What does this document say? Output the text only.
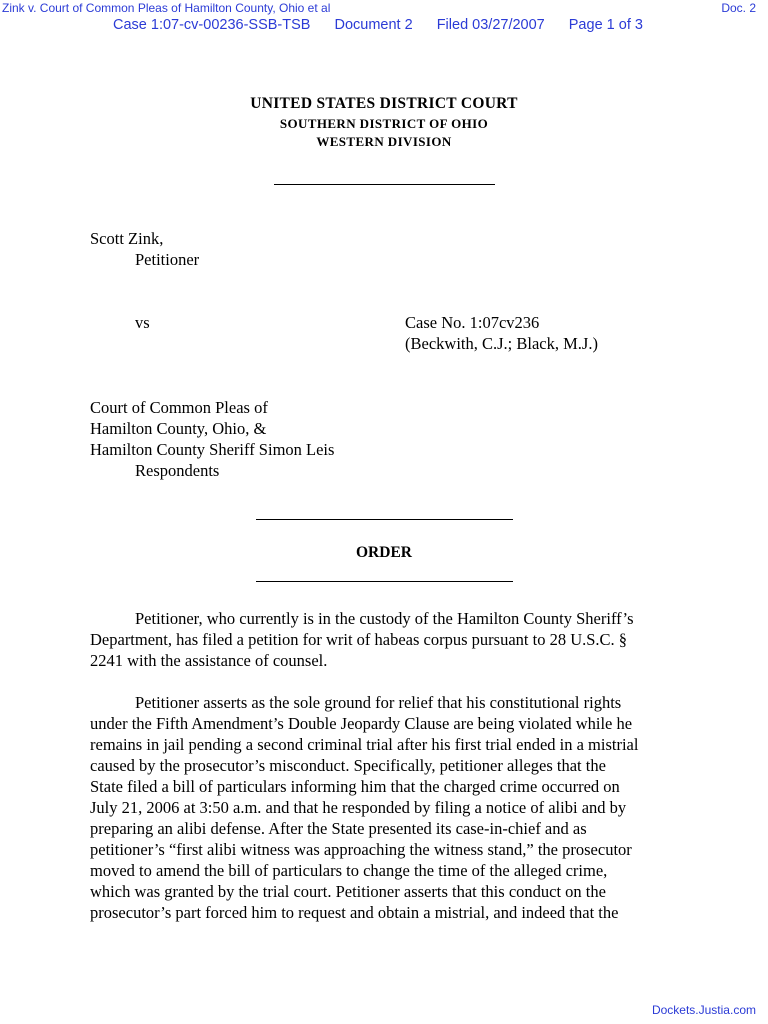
Zink v. Court of Common Pleas of Hamilton County, Ohio et al	Doc. 2
Case 1:07-cv-00236-SSB-TSB Document 2 Filed 03/27/2007 Page 1 of 3
UNITED STATES DISTRICT COURT
SOUTHERN DISTRICT OF OHIO
WESTERN DIVISION
Scott Zink,
Petitioner
vs	Case No. 1:07cv236
(Beckwith, C.J.; Black, M.J.)
Court of Common Pleas of
Hamilton County, Ohio, &
Hamilton County Sheriff Simon Leis
Respondents
ORDER
Petitioner, who currently is in the custody of the Hamilton County Sheriff’s
Department, has filed a petition for writ of habeas corpus pursuant to 28 U.S.C. §
2241 with the assistance of counsel.
Petitioner asserts as the sole ground for relief that his constitutional rights
under the Fifth Amendment’s Double Jeopardy Clause are being violated while he
remains in jail pending a second criminal trial after his first trial ended in a mistrial
caused by the prosecutor’s misconduct. Specifically, petitioner alleges that the
State filed a bill of particulars informing him that the charged crime occurred on
July 21, 2006 at 3:50 a.m. and that he responded by filing a notice of alibi and by
preparing an alibi defense. After the State presented its case-in-chief and as
petitioner’s “first alibi witness was approaching the witness stand,” the prosecutor
moved to amend the bill of particulars to change the time of the alleged crime,
which was granted by the trial court. Petitioner asserts that this conduct on the
prosecutor’s part forced him to request and obtain a mistrial, and indeed that the
Dockets.Justia.com
